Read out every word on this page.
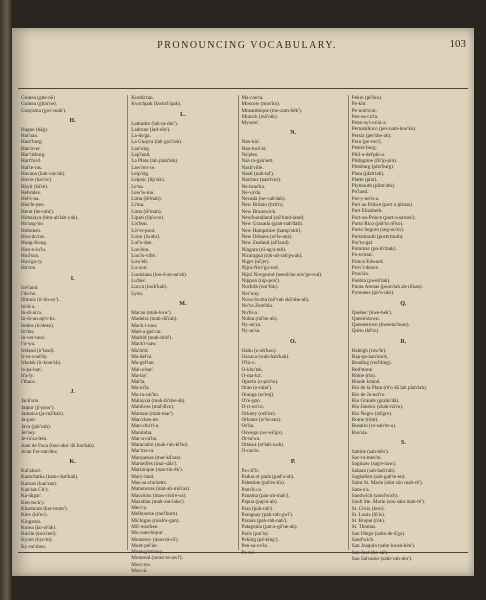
PRONOUNCING VOCABULARY.	103
Guinea (ghe-nē)
Guinea (ghin'ne).
Guayama (gwi-mah').
H.
Hague (hāg).
Hai'nan.
Ham'burg.
Han'over.
Har'risburg.
Hart'ford.
Hat'te-ras.
Havana (hah-van'ah).
Havre (hav'er).
Hayti (hā'te).
Hebrides.
Hel'e-na.
Hen'le-pen.
Herat (he-raht').
Himalaya (him-ah'lah-yah).
Ho'ang-ho.
Hoboken.
Hon-du'ras.
Hong-Kong.
Hon-o-lu'lu.
Hud'son.
Hun'ga-ry.
Hu'ron.
I.
Ice'land.
I'da-ho.
Illinois (il-lin-oy').
In'di-a.
In-di-an'a.
In-di-an-ap'o-lis.
Indies (in'deez).
In'dus.
In-ver-ness'.
I'o-wa.
Ireland (ir'land).
Ir-ra-wad'dy.
Irkutsk (ir-koot'sk).
Is-pa-han'.
It'a-ly.
I'thaca.
J.
Jack'son.
Jaipur (jī-poor').
Jamaica (ja-mā'kah).
Ja-pan'.
Java (jah'vah).
Jer'sey.
Je-ru'sa-lem.
Juan de Fuca (hoo-ahn' dā foo'kah).
Ju'an Fer-nan'dez.
K.
Kal'ahari.
Kamchatka (kam-chat'kah).
Kansas (kan'zas).
Kan'sas Cit'y.
Ka-shgar'.
Ken-tuck'y.
Khartoum (kar-toom').
Kiev (kē'ev).
Kingston.
Korea (ko-rē'ah).
Kurile (koo'reel).
Kyoto (kyo'to).
Ky-oo'shoo.
Kurdis'tan.
Kwichpak (kwitch'pak).
L.
Labrador (lab-ra-dor').
Ladrone (lad-rōn').
La-do'ga.
La Guayra (lah gwī'rah).
Lan'sing.
Lap'land.
La Plata (lah plah'tah).
Law'ren-ce.
Leip'zig.
Leipsic (līp'sik).
Le'na.
Lew'is-ton.
Lima (lē'mah).
Li'ma.
Lima (lē'mah).
Lipari (lip'a-re).
Lis'bon.
Liv'er-pool.
Loire (lwahr).
Lof'o-den.
Lon'don.
Lou'is-ville.
Low'ell.
Lu-zon'.
Louisiana (loo-ē-ze-an'ah).
Lu'bec.
Lucca (look'kah).
Lynn.
M.
Macao (mah-kow').
Madeira (mah-dā'rah).
Mack-i-naw.
Mad-a-gas'car.
Madrid (mah-drid').
Mack'i-naw.
Ma'drid.
Ma-del'ra.
Ma-gel'lan.
Mal-a-bar'.
Ma-lay'.
Mal'ta.
Ma-ni'la.
Ma-ra-cai'bo.
Malaysia (mah-lā'zhe-ah).
Maldives (mal'dīvz).
Mamsar (mah-mar').
Man'ches-ter.
Man-chu'ri-a.
Manitoba.
Mar-a-ca'bo.
Maracaibo (mah-rah-kī'bo).
Mar'mo-ra.
Marquesas (mar-kā'sas).
Marseilles (mar-sālz').
Martinique (mar-tin-ēk').
Mary-land.
Mas-sa-chu'setts.
Matamoras (mat-ah-mō'ras).
Mauritius (maw-rish'e-us).
Mazatlan (mah-zat-lahn').
Mec'ca.
Melbourne (mel'burn).
Michigan (mish'e-gan).
Mil-wau'kee.
Mo-zam-bique'.
Monterey (mon-tā-rā').
Mont-pel'ier.
Mont-gom'er-y.
Montreal (mont-re-awl').
Mos'cow.
Mos-ul.
Ma-cao'ra.
Moscow (mos'ko).
Mozambique (mo-zam-bēk').
Munich (mū'nik).
Mysore'.
N.
Nan-kin'.
Nan-tuck'et.
Na'ples.
Nar-ra-gan'sett.
Nash'ville.
Natal (nah-tal').
Natchez (natch'ez).
Ne-bras'ka.
Ne-va'da.
Nevada (ne-vah'dah).
New Britain (brit'n).
New Brunswick.
Newfoundland (nū'fund-land).
New Granada (grah-nah'dah).
New Hampshire (hamp'shir).
New Orleans (or'le-anz).
New Zealand (zē'land).
Niagara (nī-ag'a-rah).
Nicaragua (nik-ah-rah'gwah).
Niger (nī'jer).
Nijni-Nov'go-rod.
Nijni Novgorod (neezh'ne nov'go-rod).
Nippon (nip-pon').
Norfolk (nor'fok).
Nor'way.
Nova Scotia (nō'vah skō'she-ah).
No'va Zem'bla.
Nu'bi-a.
Nubia (nū'be-ah).
Ny-an'za.
Ny-as'sa.
O.
Oahu (o-ah'hoo).
Oaxaca (wah-hah'kah).
O'hi-o.
O-kho'tsk.
O-ma-ha'.
Oporto (o-pōr'to).
Oran (o-rahn').
Orange (or'enj).
O're-gon.
O-ri-no'co.
Orkney (ork'ne).
Orleans (or'le-anz).
Os'ka.
Oswego (os-wē'go).
Ot-ta'wa.
Ottawa (ot'tah-wah).
O-ran'to.
P.
Pa-cif'ic.
Padua or pada (pad'u-ah).
Palestine (pal'es-tīn).
Pam'li-co.
Panama (pan-ah-mah').
Papua (pap'u-ah).
Para (pah-rah').
Paraguay (pah-rah-gwī').
Parana (pah-rah-nah').
Patagonia (pat-a-gō'ne-ah).
Paris (par'is).
Peking (pē-king').
Pen-sa-co'la.
Pe-ru'.
Pekin (pē'kin).
Pe-kin'.
Pe-nob'scot.
Pen-sa-co'la.
Penn-syl-va'ni-a.
Pernambuco (per-nam-boo'ko).
Persia (per'she-ah).
Peru (pe-roo').
Peters-burg.
Phil-a-del'phi-a.
Philippine (fil'ip-pin).
Pittsburg (pits'burg).
Plata (plah'tah).
Platte (plat).
Plymouth (plim'uth).
Po'land.
Pol-y-ne'si-a.
Port au Prince (port o prinss).
Port Elizabeth.
Port-au-Prince (port-o-prinss').
Porto Rico (pōr'to rē'ko).
Porto Seguro (seg-oo'ro).
Portsmouth (ports'muth).
Por'tu-gal.
Potomac (po-tō'mak).
Po-to'mac.
Prince Edward.
Prov'i-dence.
Prus'sia.
Puebla (pweb'lah).
Punta Arenas (poon'tah ah-rā'nas).
Pyrenees (pir'e-nēz).
Q.
Quebec (kwe-bek').
Queen'stown.
Queenstown (kweenz'toun).
Quito (kē'to).
R.
Raleigh (raw'le).
Rap-pa-han'nock.
Reading (red'ding).
Red'stone.
Rhine (rīn).
Rhode Island.
Rio de la Plata (rē'o dā lah plah'tah).
Rio de Ja-nei'ro.
Rio Grande (grahn'dā).
Rio Janeiro (zhah-nā'ro).
Rio Negro (nā'gro).
Rome (rōm).
Rosario (ro-sah're-o).
Rus'sia.
S.
Sabine (sah-bēn').
Sac-ra-men'to.
Saginaw (sag'e-naw).
Sahara (sah-hah'rah).
Saghalien (sah-gah'le-en).
Saint St. Marie (sānt sōo mah-rē').
Sam-o'a.
Sandwich (sand'wich).
Sault Ste. Marie (soo sānt mah-rē').
St. Croix (kroi).
St. Louis (lū'is).
St. Roque (rōk).
St. Thomas.
San Diego (sahn de-ā'go).
Sand'wich.
San Joaquin (sahn hwah-kēn').
San José (ho-sā').
San Salvador (sahl-vah-dor').
